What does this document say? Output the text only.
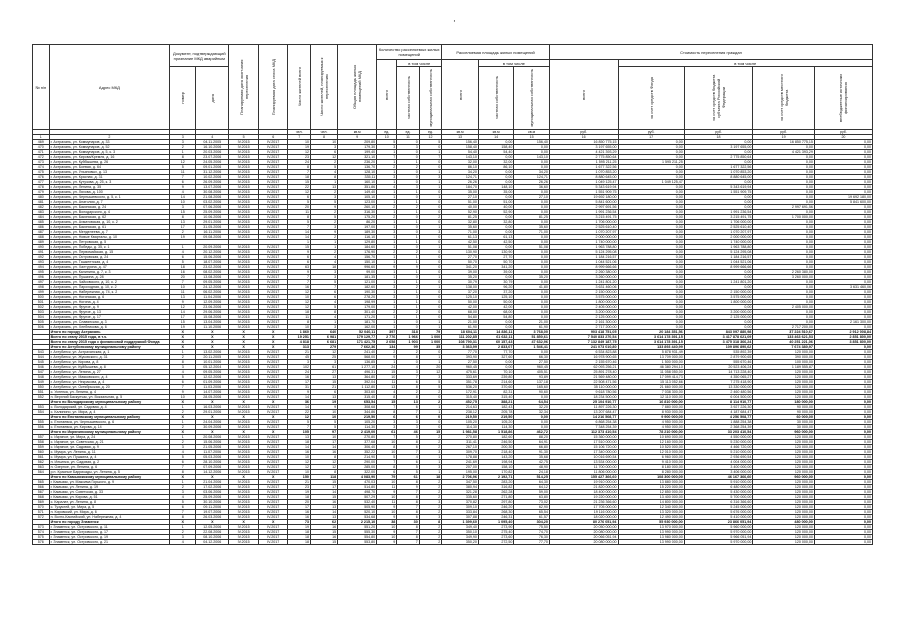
·
№ п/п	Адрес МКД	Документ, подтверждающий признание МКД аварийным		Планируемая дата окончания переселения	Планируемая дата сноса МКД	Число жителей всего	Число жителей, планируемых к переселению	Общая площадь жилых помещений МКД	Количество расселяемых жилых помещений			Расселяемая площадь жилых помещений			Стоимость переселения граждан				

									всего	в том числе		всего	в том числе		всего	в том числе			

		номер	дата							частная собственность	муниципальная собственность		частная собственность	муниципальная собственность		за счет средств Фонда	за счет средств бюджета субъекта Российской Федерации	за счет средств местного бюджета	внебюджетные источники финансирования

						чел.	чел.	кв.м	ед.	ед.	ед.	кв.м	кв.м	кв.м	руб.	руб.	руб.	руб.	руб.
1	2	3	4	5	6	7	8	9	10	11	12	13	14	15	16	17	18	19	20
469	г. Астрахань, ул. Коммунаров, д. 33	3	04.11.2005	IV.2015	IV.2017	10	10	209,80	5	0	5	156,40	0,00	156,40	16 850 775,15	0,00	0,00	16 850 775,15	0,00
470	г. Астрахань, ул. Коммунаров, д. 52	2	16.10.2006	IV.2015	IV.2017	19	3	179,30	3	3	0	158,40	158,40	0,00	3 197 655,00	0,00	3 197 655,00	0,00	0,00
471	г. Астрахань, ул. Коммунаров, д. 5, к. 3	1	20.03.2006	IV.2015	IV.2017	12	6	199,40	1	0	1	54,40	54,40	0,00	4 421 393,29	0,00	0,00	4 421 393,29	0,00
472	г. Астрахань, ул. Кирова/Кремля, д. 16	8	23.07.2006	IV.2015	IV.2017	23	12	321,10	7	0	7	143,10	0,00	143,10	2 775 850,64	0,00	2 775 850,64	0,00	0,00
473	г. Астрахань, ул. Куйбышева, д. 26	12	24.05.2006	IV.2015	IV.2017	24	2	236,20	1	1	0	32,00	32,00	0,00	1 595 211,25	1 595 211,25	0,00	0,00	0,00
474	г. Астрахань, ул. Боевая, д. 64	5	09.01.2006	IV.2015	IV.2017	8	5	136,70	2	2	0	86,10	86,10	0,00	1 677 322,56	0,00	1 677 322,56	0,00	0,00
475	г. Астрахань, ул. Ульяновых, д. 13	11	31.12.2006	IV.2015	IV.2017	7	4	128,10	1	0	1	34,20	0,00	34,20	1 070 853,20	0,00	1 070 853,20	0,00	0,00
476	г. Астрахань, ул. Красная, д. 31	7	10.02.2006	IV.2015	IV.2017	18	8	335,11	3	0	3	124,71	0,00	124,71	8 880 645,00	0,00	8 880 645,00	0,00	0,00
477	г. Астрахань, ул. Кутузова, д. 25, к. 3	6	26.09.2006	IV.2015	IV.2017	15	1	160,10	1	0	1	26,26	0,00	26,26	1 049 125,47	1 049 125,47	0,00	0,00	0,00
478	г. Астрахань, ул. Ленина, д. 35	9	13.07.2006	IV.2015	IV.2017	22	13	351,86	4	3	1	184,70	148,10	36,60	5 343 619,94	0,00	5 343 619,94	0,00	0,00
479	г. Астрахань, ул. Ляхова, д. 100	4	30.08.2006	IV.2015	IV.2017	12	2	149,40	1	1	0	35,00	35,00	0,00	1 551 909,75	0,00	1 551 909,75	0,00	0,00
480	г. Астрахань, ул. Чернышевского, д. 5, к. 1	14	21.08.2006	IV.2015	IV.2017	6	3	105,10	1	0	1	27,10	0,00	27,10	19 692 180,00	0,00	0,00	0,00	19 692 180,00
481	г. Астрахань, ул. Анатолия, д. 7	10	03.02.2006	IV.2015	IV.2017	5	5	123,00	1	1	0	51,00	51,00	0,00	5 841 600,00	0,00	0,00	0,00	5 841 600,00
482	г. Астрахань, ул. Бакинская, д. 24	3	07.06.2006	IV.2015	IV.2017	20	9	260,10	2	2	0	40,00	40,00	0,00	2 997 691,56	0,00	0,00	2 997 691,56	0,00
483	г. Астрахань, ул. Володарского, д. 4	15	25.09.2006	IV.2015	IV.2017	11	2	316,30	1	1	0	52,90	52,90	0,00	1 991 236,54	0,00	1 991 236,54	0,00	0,00
484	г. Астрахань, ул. Бакинская, д. 62	8	10.06.2006	IV.2015	IV.2017	8	5	175,20	2	0	2	81,25	0,00	81,25	3 215 491,75	0,00	3 215 491,75	1 700 000,00	0,00
485	г. Астрахань, ул. Ахматовская, д. 10, к. 2	13	29.01.2006	IV.2015	IV.2017	5	2	86,20	1	1	0	32,80	32,80	0,00	1 706 000,00	0,00	1 706 000,00	0,00	0,00
486	г. Астрахань, ул. Бакинская, д. 61	17	31.05.2006	IV.2015	IV.2017	7	3	197,00	1	0	1	35,60	0,00	35,60	2 525 610,40	0,00	2 525 610,40	0,00	0,00
487	г. Астрахань, ул. Менделеева, д. 7	2	16.11.2006	IV.2015	IV.2017	14	9	189,30	3	0	3	71,00	0,00	71,00	1 070 207,97	0,00	1 070 207,97	0,00	0,00
488	г. Астрахань, ул. Новые Кварталы, д. 10	19	09.08.2006	IV.2015	IV.2017	14	2	116,10	1	1	0	61,13	61,13	0,00	2 000 000,00	0,00	2 000 000,00	0,00	0,00
489	г. Астрахань, ул. Петровская, д. 5					1	1	129,80	1	1	0	42,50	42,50	0,00	1 740 000,00	0,00	1 740 000,00	0,00	0,00
490	г. Астрахань, ул. Победы, д. 35, к. 1	1	20.09.2006	IV.2015	IV.2017	15	1	184,60	1	0	1	51,08	0,00	51,08	1 963 788,80	0,00	1 963 788,80	0,00	0,00
491	г. Астрахань, ул. Первомайская, д. 15	4	20.12.2006	IV.2015	IV.2017	9	2	176,90	2	2	0	130,90	130,90	0,00	5 124 295,08	0,00	5 124 295,08	0,00	0,00
492	г. Астрахань, ул. Островская, д. 24	6	15.06.2006	IV.2015	IV.2017	6	4	156,70	1	1	0	27,70	27,70	0,00	1 184 216,57	0,00	1 184 216,57	0,00	0,00
493	г. Астрахань, ул. Ташкентская, д. 4	5	18.07.2006	IV.2015	IV.2017	6	4	150,10	1	1	0	50,70	50,70	0,00	1 044 521,06	0,00	1 044 521,06	0,00	0,00
494	г. Астрахань, ул. Халтурина, д. 47	18	23.02.2006	IV.2015	IV.2017	63	18	996,60	9	9	0	341,20	341,20	0,00	8 999 666,66	0,00	8 999 666,66	0,00	0,00
495	г. Астрахань, ул. Калинина, д. 7, к. 3	16	08.02.2006	IV.2015	IV.2017	9	3	99,00	1	1	0	39,00	39,00	0,00	2 260 380,00	0,00	0,00	2 260 380,00	0,00
496	г. Астрахань, ул. Пушкина, д. 28	20	13.08.2006	IV.2015	IV.2017	7	3	181,35	1	0	1	35,20	0,00	35,20	3 260 000,00	0,00	0,00	3 260 000,00	0,00
497	г. Астрахань, ул. Чайковского, д. 10, к. 2	7	09.05.2006	IV.2015	IV.2017	7	5	121,00	1	1	0	30,79	30,79	0,00	1 241 801,20	0,00	1 241 801,20	0,00	0,00
498	г. Астрахань, ул. Пароходная, д. 10, к. 2	10	24.12.2006	IV.2015	IV.2017	16	7	182,60	3	2	1	138,00	96,20	41,80	3 631 460,06	0,00	0,00	0,00	3 631 460,06
499	г. Астрахань, ул. Набережная, д. 74, к. 2	11	06.02.2006	IV.2015	IV.2017	12	6	190,30	1	1	0	37,20	37,20	0,00	2 150 000,00	0,00	2 150 000,00	0,00	0,00
500	г. Астрахань, ул. Ногинская, д. 6	13	11.04.2006	IV.2015	IV.2017	10	6	278,20	3	3	0	125,10	125,10	0,00	3 575 000,00	0,00	3 575 000,00	0,00	0,00
501	г. Астрахань, ул. Ногина, д. 4	9	12.09.2006	IV.2015	IV.2017	12	4	198,99	1	1	0	50,00	50,00	0,00	1 800 000,00	0,00	1 800 000,00	0,00	0,00
502	г. Астрахань, ул. Фрунзе, д. 9	12	23.06.2006	IV.2015	IV.2017	12	5	179,00	1	1	0	42,00	42,00	0,00	2 405 000,00	0,00	0,00	2 405 000,00	0,00
503	г. Астрахань, ул. Фрунзе, д. 13	14	29.06.2006	IV.2015	IV.2017	18	8	301,40	2	2	0	68,00	68,00	0,00	3 200 000,00	0,00	3 200 000,00	0,00	0,00
504	г. Астрахань, ул. Фрунзе, д. 17	17	15.08.2006	IV.2015	IV.2017	11	4	171,20	1	1	0	54,80	54,80	0,00	2 125 000,00	0,00	2 125 000,00	0,00	0,00
505	г. Астрахань, ул. Славянская, д. 3	15	13.04.2006	IV.2015	IV.2017	8	1	181,70	1	0	1	21,00	0,00	21,00	2 161 300,00	0,00	0,00	0,00	2 161 300,00
506	г. Астрахань, ул. Хлебникова, д. 6	19	11.10.2006	IV.2015	IV.2017	10	3	162,00	1	0	1	61,90	0,00	61,90	2 717 200,00	0,00	0,00	2 717 200,00	0,00
	Итого по городу Астрахань	X	X	X	X	1 860	640	52 040,11	397	318	79	18 604,11	14 836,11	3 768,00	903 418 751,05	20 184 351,56	843 097 880,98	37 224 510,67	2 912 008,84
	Всего по этапу 2015 года, в т.ч.	X	X	X	X	19 251	6 981	179 129,77	2 776	1 966	1 000	111 202,85	61 632,11	51 850,61	7 540 833 270,54	3 614 178 391,15	3 417 878 621,09	133 463 621,53	2 851 800,00
	Всего по этапу 2015 года с финансовой поддержкой Фонда	X	X	X	X	4 818	6 681	171 421,75	2 658	1 903	1 000	108 790,31	60 157,43	47 632,96	7 132 849 187,75	3 614 178 391,15	3 475 318 366,24	40 251 221,06	3 851 800,00
	Итого по Ахтубинскому муниципальному району	X	X	X	X	313	279	7 662,36	134	99	35	3 363,99	2 833,07	1 546,41	241 073 010,80	133 893 440,99	109 896 890,62	7 674 380,97	0,00
543	г. Ахтубинск, ул. Астраханская, д. 1	1	13.02.2006	IV.2015	IV.2017	21	12	241,40	2	2	0	77,70	77,70	0,00	6 534 823,88	5 878 931,49	535 892,39	120 000,00	0,00
544	г. Ахтубинск, ул. Жуковского, д. 31	2	20.11.2005	IV.2015	IV.2017	45	25	568,00	9	8	1	393,90	327,60	66,30	16 978 900,65	13 709 000,00	2 879 900,65	390 000,00	0,00
545	г. Ахтубинск, ул. Кирова, д. 8	8	10.01.2006	IV.2015	IV.2017	3	3	136,85	1	0	1	27,50	0,00	27,50	2 155 670,46	1 500 000,00	555 670,46	100 000,00	0,00
546	г. Ахтубинск, ул. Куйбышева, д. 8	3	05.12.2004	IV.2015	IV.2017	102	61	1 277,10	24	4	20	960,45	0,00	960,45	62 093 256,21	46 380 294,10	20 523 406,24	1 189 555,87	0,00
547	г. Ахтубинск, ул. Ленина, д. 27	4	09.05.2006	IV.2015	IV.2017	24	27	496,31	15	3	12	475,61	70,10	405,51	25 891 278,40	11 058 050,00	14 713 228,40	120 000,00	0,00
548	г. Ахтубинск, ул. Маяковского, д. 4	5	12.02.2006	IV.2015	IV.2017	16	13	364,80	10	7	3	333,69	239,80	93,89	21 569 480,00	17 099 414,73	4 350 065,27	120 000,00	0,00
549	г. Ахтубинск, ул. Некрасова, д. 4	6	01.09.2006	IV.2015	IV.2017	17	15	392,04	11	6	5	351,78	214,60	137,18	22 508 471,56	15 113 052,66	7 275 418,90	120 000,00	0,00
550	г. Ахтубинск, ул. Октябрьская, д. 20	7	11.03.2006	IV.2015	IV.2017	31	21	1 112,80	13	8	5	536,20	370,60	165,60	35 110 000,00	21 660 000,00	13 330 000,00	120 000,00	0,00
551	с. Успенка, ул. Ленина, д. 4	9	14.07.2006	IV.2015	IV.2017	9	6	303,60	4	2	2	172,91	82,31	90,60	9 618 780,56	7 038 300,00	2 460 480,56	120 000,00	0,00
552	п. Верхний Баскунчак, ул. Вокзальная, д. 5	10	28.05.2006	IV.2015	IV.2017	14	13	315,40	8	8	0	315,40	315,40	0,00	18 234 500,00	12 110 000,00	6 004 500,00	120 000,00	0,00
	Итого по Володарскому муниципальному району	X	X	X	X	36	19	653,54	15	13	2	452,75	388,21	64,54	25 104 910,77	16 810 000,00	8 114 910,77	180 000,00	0,00
553	с. Володарский, ул. Садовая, д. 4	1	16.03.2006	IV.2015	IV.2017	14	9	308,68	7	6	1	214,63	182,43	32,20	11 897 226,30	7 880 000,00	3 927 226,30	90 000,00	0,00
554	с. Калинино, ул. Мира, д. 4	2	29.01.2006	IV.2015	IV.2017	22	10	344,86	8	7	1	238,12	205,78	32,34	13 207 684,47	8 930 000,00	4 187 684,47	90 000,00	0,00
	Итого по Енотаевскому муниципальному району	X	X	X	X	12	10	219,50	6	6	0	219,50	219,50	0,00	14 216 508,77	9 900 000,00	4 256 508,77	60 000,00	0,00
555	с. Енотаевка, ул. Чернышевского, д. 6	1	24.04.2006	IV.2015	IV.2017	5	5	105,20	3	3	0	105,20	105,20	0,00	6 868 254,38	4 950 000,00	1 888 254,38	30 000,00	0,00
556	с. Енотаевка, ул. Кирова, д. 14	2	30.09.2006	IV.2015	IV.2017	7	5	114,30	3	3	0	114,30	114,30	0,00	7 348 254,39	4 950 000,00	2 368 254,39	30 000,00	0,00
	Итого по Икрянинскому муниципальному району	X	X	X	X	105	97	2 419,00	61	46	15	1 981,58	1 518,86	462,72	112 373 410,54	78 210 000,00	33 203 410,54	960 000,00	0,00
557	с. Икряное, ул. Мира, д. 24	1	20.08.2006	IV.2015	IV.2017	13	10	270,80	7	5	2	270,80	182,60	88,20	15 360 000,00	10 690 000,00	4 550 000,00	120 000,00	0,00
558	с. Икряное, ул. Советская, д. 21	2	15.06.2006	IV.2015	IV.2017	18	17	377,68	10	8	2	311,41	246,50	64,91	17 510 000,00	12 160 000,00	5 230 000,00	120 000,00	0,00
559	с. Икряное, ул. Садовая, д. 9	3	21.05.2006	IV.2015	IV.2017	14	14	306,40	8	6	2	267,10	200,30	66,80	15 106 720,00	10 520 000,00	4 466 720,00	120 000,00	0,00
560	с. Мумра, ул. Ленина, д. 11	4	11.07.2006	IV.2015	IV.2017	16	16	352,22	10	7	3	309,70	218,40	91,30	17 340 000,00	12 010 000,00	5 210 000,00	120 000,00	0,00
561	с. Мумра, ул. Пушкина, д. 4	5	05.03.2006	IV.2015	IV.2017	10	8	214,90	5	4	1	178,88	143,20	35,68	10 016 690,54	6 960 000,00	2 936 690,54	120 000,00	0,00
562	п. Ильинка, ул. Садовая, д. 2	6	28.10.2006	IV.2015	IV.2017	12	12	290,00	7	6	1	241,69	198,94	42,75	13 534 000,00	9 410 000,00	4 004 000,00	120 000,00	0,00
563	п. Озерное, ул. Ленина, д. 6	7	07.09.2006	IV.2015	IV.2017	12	12	285,00	8	5	3	207,00	158,10	48,90	11 700 000,00	8 180 000,00	3 400 000,00	120 000,00	0,00
564	р.п. Красные Баррикады, ул. Ленина, д. 5	8	14.12.2006	IV.2015	IV.2017	10	8	322,00	6	5	1	195,00	170,82	24,18	11 806 000,00	8 280 000,00	3 406 000,00	120 000,00	0,00
	Итого по Камызякскому муниципальному району	X	X	X	X	150	118	4 083,90	79	61	18	2 706,96	2 192,71	514,25	155 427 366,60	108 300 000,00	46 167 366,60	960 000,00	0,00
565	г. Камызяк, ул. Максима Горького, д. 9	1	21.04.2006	IV.2015	IV.2017	21	15	470,03	10	8	2	347,50	283,20	64,30	19 910 000,00	13 880 000,00	5 910 000,00	120 000,00	0,00
566	г. Камызяк, ул. Ленина, д. 19	2	17.02.2006	IV.2015	IV.2017	23	17	514,80	11	9	2	380,94	316,82	64,12	21 820 000,00	15 220 000,00	6 480 000,00	120 000,00	0,00
567	г. Камызяк, ул. Советская, д. 33	3	03.06.2006	IV.2015	IV.2017	19	14	498,70	9	7	2	321,28	262,28	59,00	18 400 000,00	12 850 000,00	5 430 000,00	120 000,00	0,00
568	г. Камызяк, ул. Кирова, д. 51	4	25.09.2006	IV.2015	IV.2017	18	15	507,29	10	8	2	335,60	271,80	63,80	19 220 000,00	13 400 000,00	5 700 000,00	120 000,00	0,00
569	с. Каралат, ул. Ленина, д. 8	5	30.10.2006	IV.2015	IV.2017	20	16	532,40	11	8	3	370,82	297,80	73,02	21 236 366,60	14 800 000,00	6 316 366,60	120 000,00	0,00
570	с. Тузуклей, ул. Мира, д. 5	6	09.11.2006	IV.2015	IV.2017	17	13	505,90	9	7	2	309,10	246,20	62,90	17 705 000,00	12 340 000,00	5 245 000,00	120 000,00	0,00
571	п. Кировский, ул. Мира, д. 6	7	19.07.2006	IV.2015	IV.2017	16	14	520,10	10	8	2	333,84	268,30	65,54	19 116 000,00	13 320 000,00	5 676 000,00	120 000,00	0,00
572	п. Волго-Каспийский, ул. Набережная, д. 4	8	26.03.2006	IV.2015	IV.2017	16	13	534,68	9	6	3	307,88	246,31	61,57	18 020 000,00	12 490 000,00	5 410 000,00	120 000,00	0,00
	Итого по городу Знаменск	X	X	X	X	73	62	2 215,10	38	30	8	1 399,60	1 095,40	304,20	80 276 051,94	55 930 000,00	23 866 051,94	480 000,00	0,00
573	г. Знаменск, ул. Островского, д. 11	1	12.05.2006	IV.2015	IV.2017	19	16	551,20	10	8	2	349,40	273,90	75,50	20 050 000,00	13 970 000,00	5 960 000,00	120 000,00	0,00
574	г. Знаменск, ул. Островского, д. 17	2	22.08.2006	IV.2015	IV.2017	18	15	555,30	9	7	2	350,10	275,40	74,70	20 080 000,00	13 990 000,00	5 970 000,00	120 000,00	0,00
575	г. Знаменск, ул. Островского, д. 19	3	08.10.2006	IV.2015	IV.2017	18	16	554,80	10	8	2	349,90	273,60	76,30	20 066 051,94	13 980 000,00	5 966 051,94	120 000,00	0,00
576	г. Знаменск, ул. Островского, д. 21	4	04.12.2006	IV.2015	IV.2017	18	15	553,80	9	7	2	350,20	272,50	77,70	20 080 000,00	13 990 000,00	5 970 000,00	120 000,00	0,00
